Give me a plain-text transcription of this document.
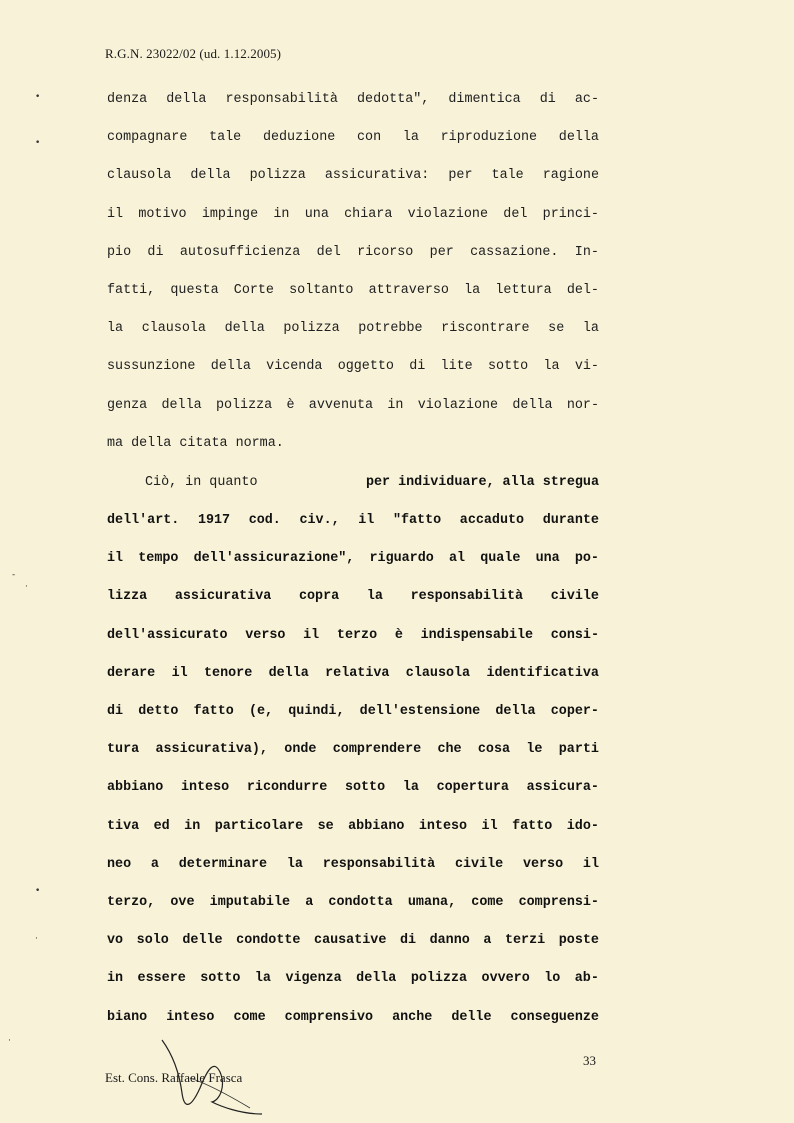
R.G.N. 23022/02 (ud. 1.12.2005)
denza della responsabilità dedotta", dimentica di ac-
compagnare tale deduzione con la riproduzione della
clausola della polizza assicurativa: per tale ragione
il motivo impinge in una chiara violazione del princi-
pio di autosufficienza del ricorso per cassazione. In-
fatti, questa Corte soltanto attraverso la lettura del-
la clausola della polizza potrebbe riscontrare se la
sussunzione della vicenda oggetto di lite sotto la vi-
genza della polizza è avvenuta in violazione della nor-
ma della citata norma.
Ciò, in quanto	per individuare, alla stregua
dell'art. 1917 cod. civ., il "fatto accaduto durante
il tempo dell'assicurazione", riguardo al quale una po-
lizza assicurativa copra la responsabilità civile
dell'assicurato verso il terzo è indispensabile consi-
derare il tenore della relativa clausola identificativa
di detto fatto (e, quindi, dell'estensione della coper-
tura assicurativa), onde comprendere che cosa le parti
abbiano inteso ricondurre sotto la copertura assicura-
tiva ed in particolare se abbiano inteso il fatto ido-
neo a determinare la responsabilità civile verso il
terzo, ove imputabile a condotta umana, come comprensi-
vo solo delle condotte causative di danno a terzi poste
in essere sotto la vigenza della polizza ovvero lo ab-
biano inteso come comprensivo anche delle conseguenze
33
Est. Cons. Raffaele Frasca
•
•
-
·
•
·
·
